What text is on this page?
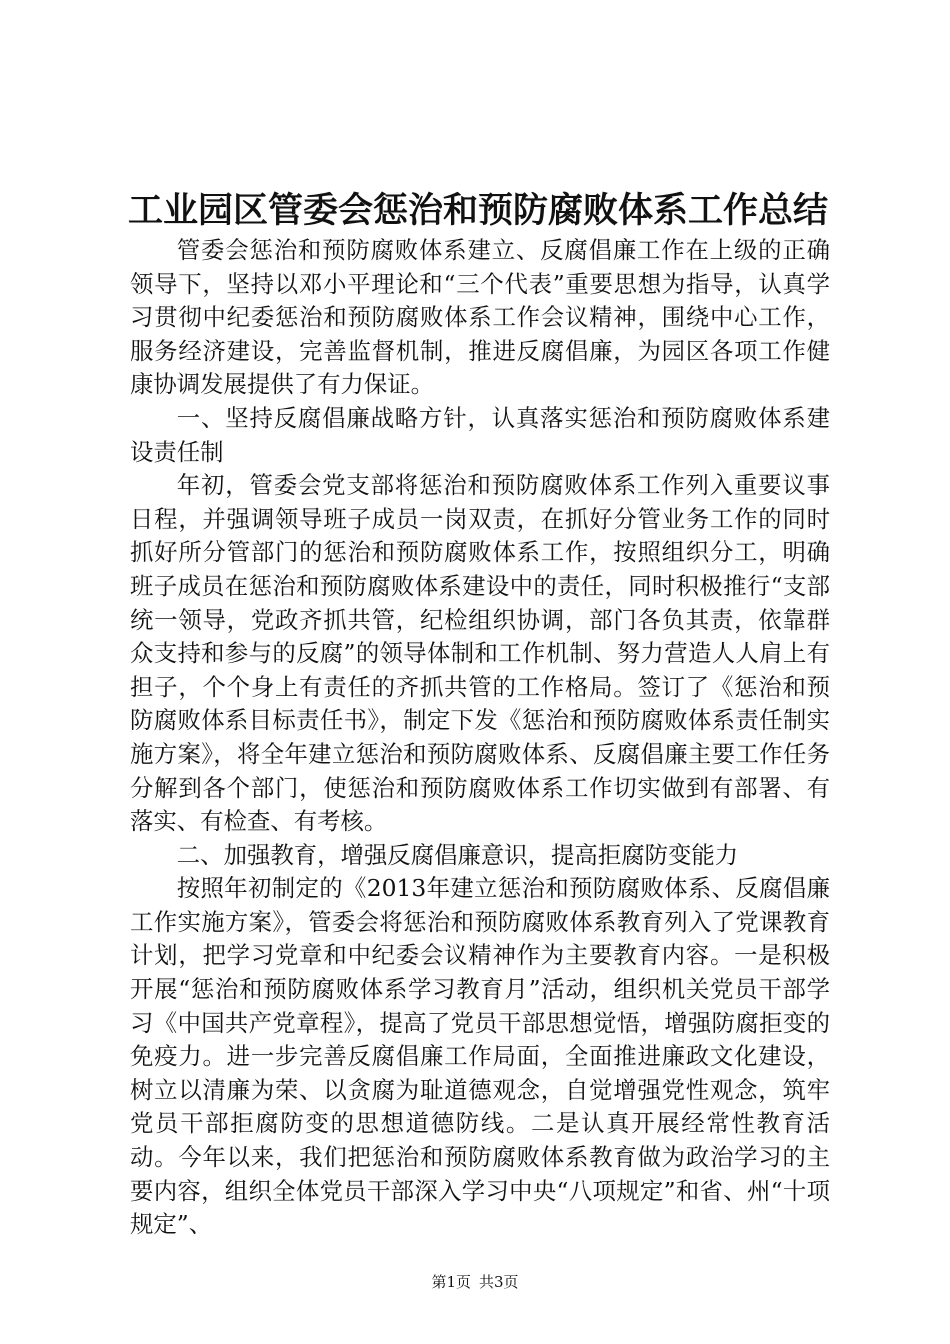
工业园区管委会惩治和预防腐败体系工作总结

管委会惩治和预防腐败体系建立、反腐倡廉工作在上级的正确领导下，坚持以邓小平理论和“三个代表”重要思想为指导，认真学习贯彻中纪委惩治和预防腐败体系工作会议精神，围绕中心工作，服务经济建设，完善监督机制，推进反腐倡廉，为园区各项工作健康协调发展提供了有力保证。

一、坚持反腐倡廉战略方针，认真落实惩治和预防腐败体系建设责任制

年初，管委会党支部将惩治和预防腐败体系工作列入重要议事日程，并强调领导班子成员一岗双责，在抓好分管业务工作的同时抓好所分管部门的惩治和预防腐败体系工作，按照组织分工，明确班子成员在惩治和预防腐败体系建设中的责任，同时积极推行“支部统一领导，党政齐抓共管，纪检组织协调，部门各负其责，依靠群众支持和参与的反腐”的领导体制和工作机制、努力营造人人肩上有担子，个个身上有责任的齐抓共管的工作格局。签订了《惩治和预防腐败体系目标责任书》，制定下发《惩治和预防腐败体系责任制实施方案》，将全年建立惩治和预防腐败体系、反腐倡廉主要工作任务分解到各个部门，使惩治和预防腐败体系工作切实做到有部署、有落实、有检查、有考核。

二、加强教育，增强反腐倡廉意识，提高拒腐防变能力

按照年初制定的《2013年建立惩治和预防腐败体系、反腐倡廉工作实施方案》，管委会将惩治和预防腐败体系教育列入了党课教育计划，把学习党章和中纪委会议精神作为主要教育内容。一是积极开展“惩治和预防腐败体系学习教育月”活动，组织机关党员干部学习《中国共产党章程》，提高了党员干部思想觉悟，增强防腐拒变的免疫力。进一步完善反腐倡廉工作局面，全面推进廉政文化建设，树立以清廉为荣、以贪腐为耻道德观念，自觉增强党性观念，筑牢党员干部拒腐防变的思想道德防线。二是认真开展经常性教育活动。今年以来，我们把惩治和预防腐败体系教育做为政治学习的主要内容，组织全体党员干部深入学习中央“八项规定”和省、州“十项规定”、

第1页 共3页
